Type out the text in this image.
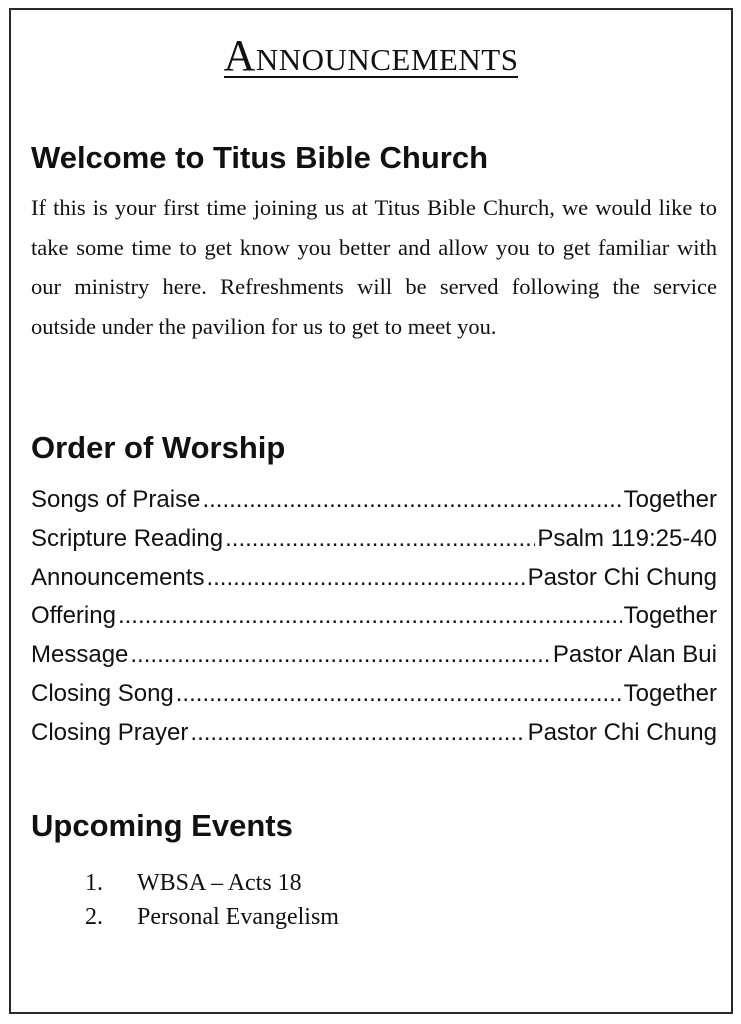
Announcements
Welcome to Titus Bible Church

If this is your first time joining us at Titus Bible Church, we would like to take some time to get know you better and allow you to get familiar with our ministry here. Refreshments will be served following the service outside under the pavilion for us to get to meet you.

Order of Worship
Songs of Praise .....	Together
Scripture Reading .....	Psalm 119:25-40
Announcements .....	Pastor Chi Chung
Offering .....	Together
Message .....	Pastor Alan Bui
Closing Song .....	Together
Closing Prayer .....	Pastor Chi Chung
Upcoming Events
1.	WBSA – Acts 18
2.	Personal Evangelism
